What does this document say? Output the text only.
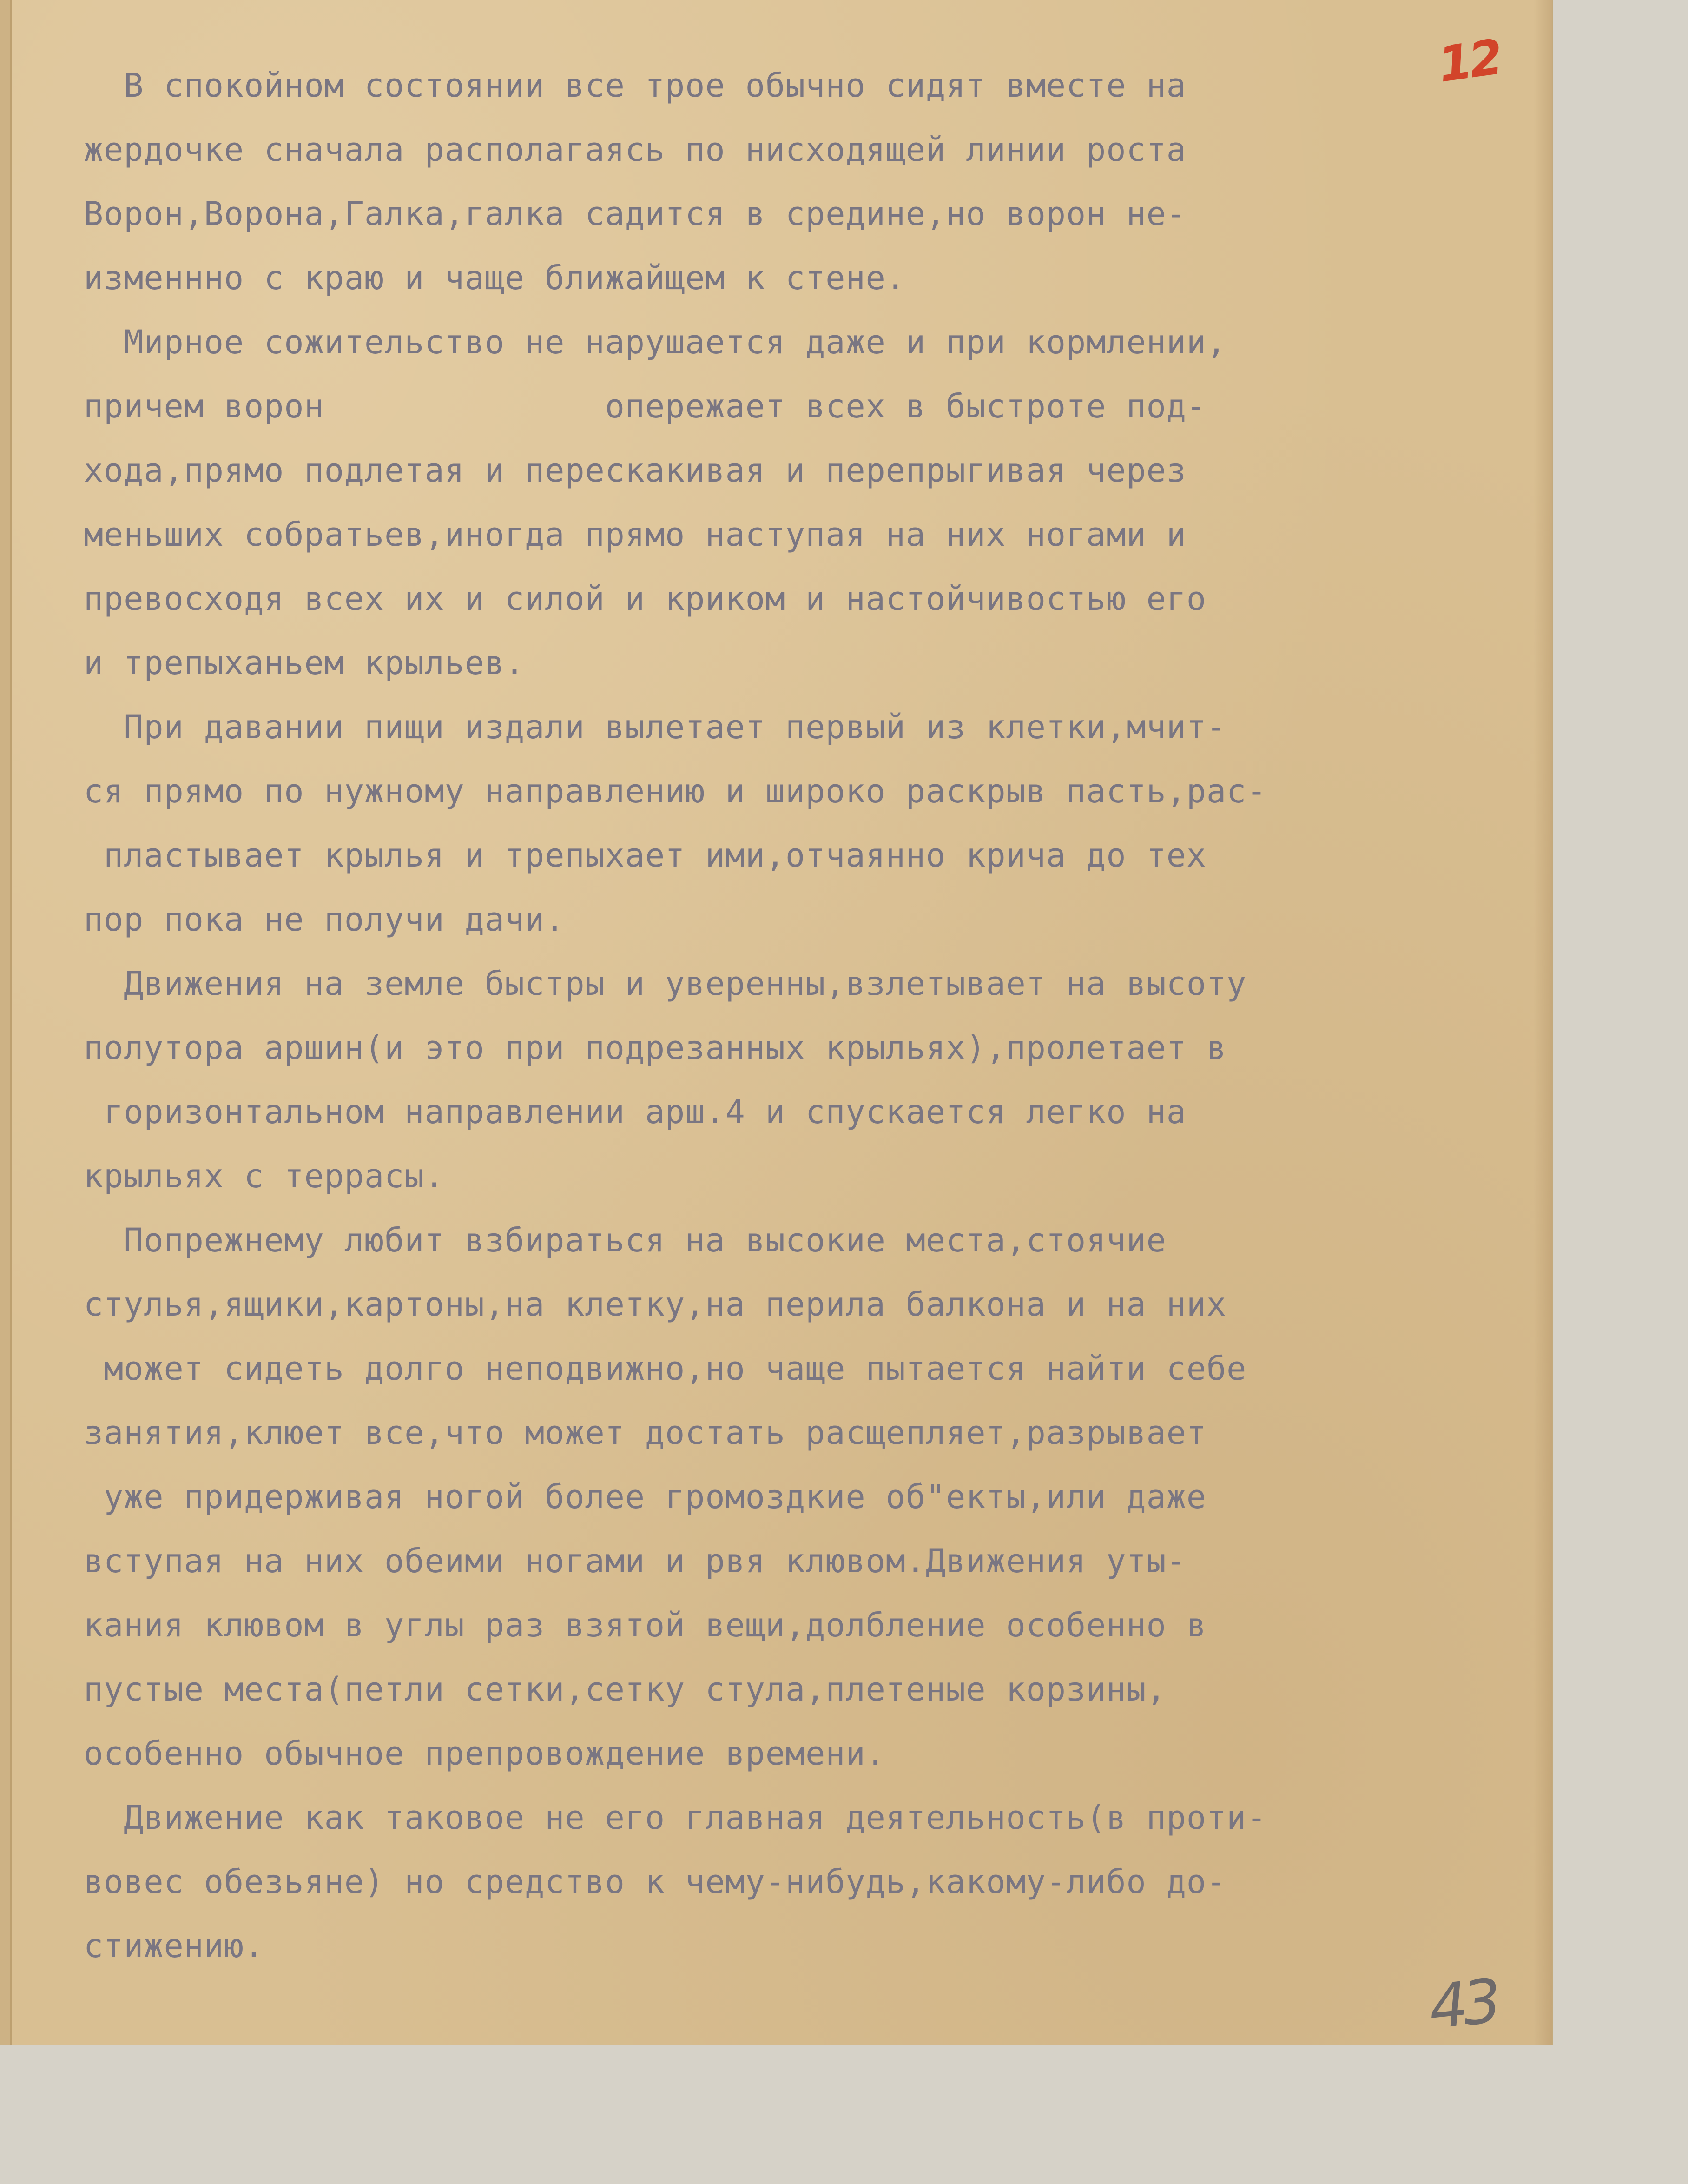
12
В спокойном состоянии все трое обычно сидят вместе на
жердочке сначала располагаясь по нисходящей линии роста
Ворон,Ворона,Галка,галка садится в средине,но ворон не-
изменнно с краю и чаще ближайщем к стене.
Мирное сожительство не нарушается даже и при кормлении,
причем ворон              опережает всех в быстроте под-
хода,прямо подлетая и перескакивая и перепрыгивая через
меньших собратьев,иногда прямо наступая на них ногами и
превосходя всех их и силой и криком и настойчивостью его
и трепыханьем крыльев.
При давании пищи издали вылетает первый из клетки,мчит-
ся прямо по нужному направлению и широко раскрыв пасть,рас-
пластывает крылья и трепыхает ими,отчаянно крича до тех
пор пока не получи дачи.
Движения на земле быстры и уверенны,взлетывает на высоту
полутора аршин(и это при подрезанных крыльях),пролетает в
горизонтальном направлении арш.4 и спускается легко на
крыльях с террасы.
Попрежнему любит взбираться на высокие места,стоячие
стулья,ящики,картоны,на клетку,на перила балкона и на них
может сидеть долго неподвижно,но чаще пытается найти себе
занятия,клюет все,что может достать расщепляет,разрывает
уже придерживая ногой более громоздкие об"екты,или даже
вступая на них обеими ногами и рвя клювом.Движения уты-
кания клювом в углы раз взятой вещи,долбление особенно в
пустые места(петли сетки,сетку стула,плетеные корзины,
особенно обычное препровождение времени.
Движение как таковое не его главная деятельность(в проти-
вовес обезьяне) но средство к чему-нибудь,какому-либо до-
стижению.
43
